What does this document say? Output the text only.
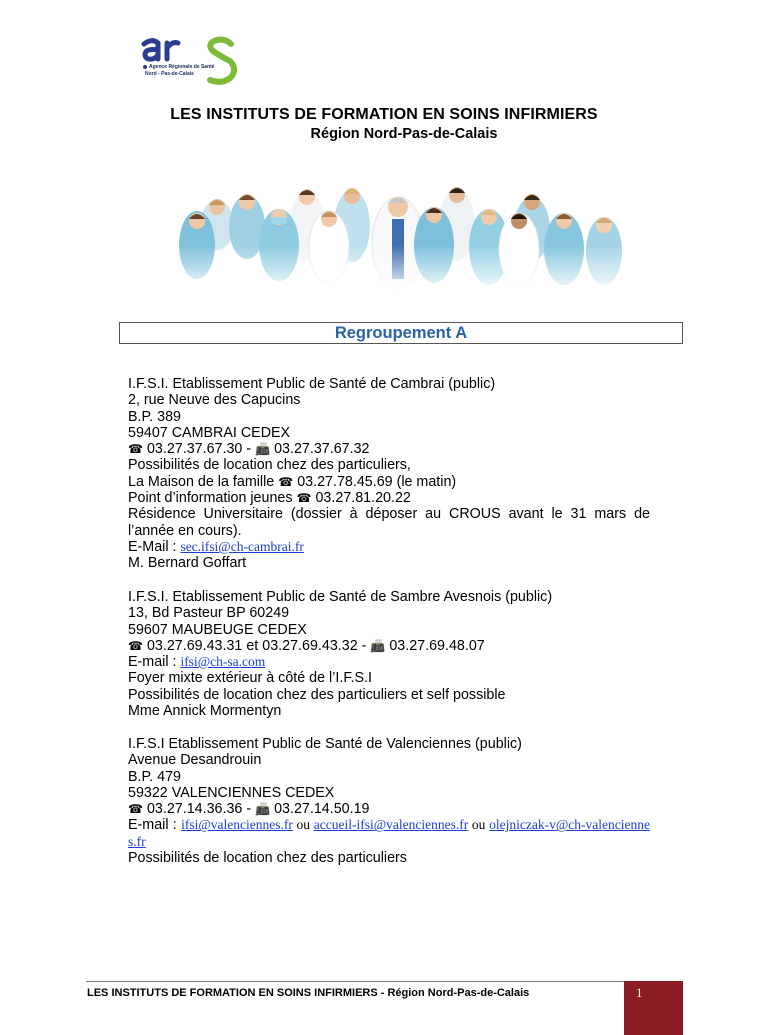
Agence Régionale de Santé
Nord - Pas-de-Calais
LES INSTITUTS DE FORMATION EN SOINS INFIRMIERS
Région Nord-Pas-de-Calais
Regroupement A
I.F.S.I. Etablissement Public de Santé de Cambrai (public)
2, rue Neuve des Capucins
B.P. 389
59407 CAMBRAI CEDEX
☎ 03.27.37.67.30 - 📠 03.27.37.67.32
Possibilités de location chez des particuliers,
La Maison de la famille ☎ 03.27.78.45.69 (le matin)
Point d’information jeunes ☎ 03.27.81.20.22
Résidence Universitaire (dossier à déposer au CROUS avant le 31 mars de l’année en cours).
E-Mail : sec.ifsi@ch-cambrai.fr
M. Bernard Goffart
I.F.S.I. Etablissement Public de Santé de Sambre Avesnois (public)
13, Bd Pasteur BP 60249
59607 MAUBEUGE CEDEX
☎ 03.27.69.43.31 et 03.27.69.43.32 - 📠 03.27.69.48.07
E-mail : ifsi@ch-sa.com
Foyer mixte extérieur à côté de l’I.F.S.I
Possibilités de location chez des particuliers et self possible
Mme Annick Mormentyn
I.F.S.I Etablissement Public de Santé de Valenciennes (public)
Avenue Desandrouin
B.P. 479
59322 VALENCIENNES CEDEX
☎ 03.27.14.36.36 - 📠 03.27.14.50.19
E-mail : ifsi@valenciennes.fr ou accueil-ifsi@valenciennes.fr ou olejniczak-v@ch-valenciennes.fr
Possibilités de location chez des particuliers
LES INSTITUTS DE FORMATION EN SOINS INFIRMIERS - Région Nord-Pas-de-Calais	1
